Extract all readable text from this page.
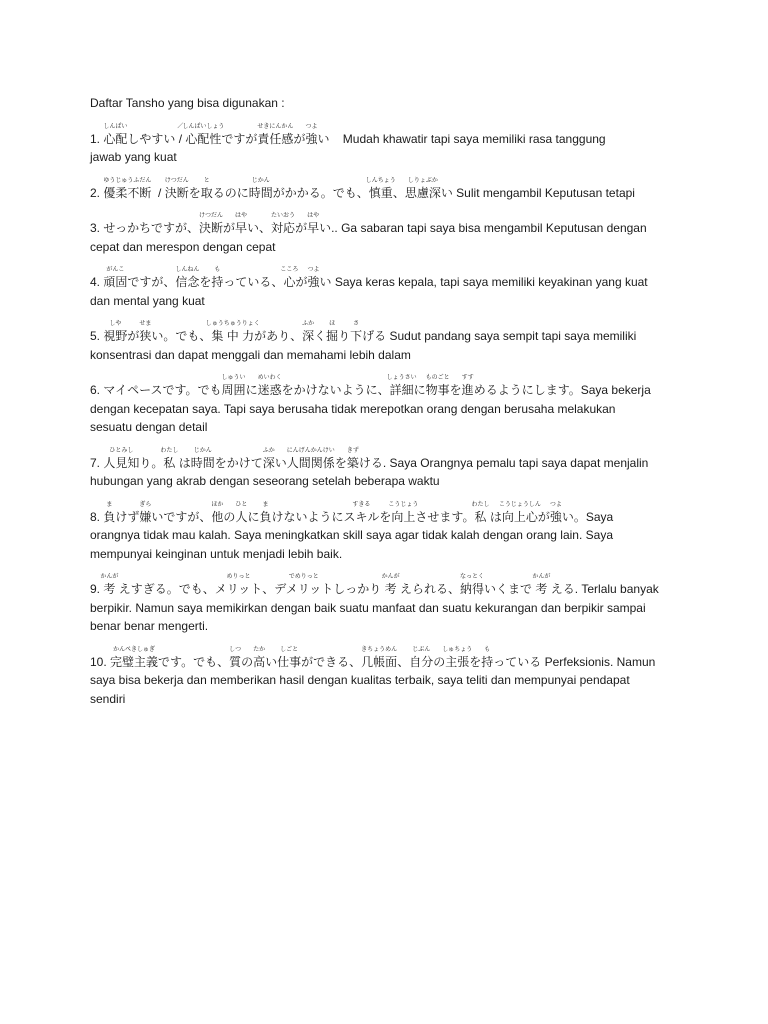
Daftar Tansho yang bisa digunakan :
1. 心配
しんぱい
しやすい /
／
心配性
しんぱいしょう
ですが責任感
せきにんかん
が強
つよ
い    Mudah khawatir tapi saya memiliki rasa tanggung
jawab yang kuat
2. 優柔不断
ゆうじゅうふだん
/ 決断
けつだん
を取
と
るのに時間
じかん
がかかる。でも、慎重
しんちょう
、思慮深
しりょぶか
い Sulit mengambil Keputusan tetapi
3. せっかちですが、決断
けつだん
が早
はや
い、対応
たいおう
が早
はや
い.. Ga sabaran tapi saya bisa mengambil Keputusan dengan
cepat dan merespon dengan cepat
4. 頑固
がんこ
ですが、信念
しんねん
を持
も
っている、心
こころ
が強
つよ
い Saya keras kepala, tapi saya memiliki keyakinan yang kuat
dan mental yang kuat
5. 視野
しや
が狭
せま
い。でも、集 中 力
しゅうちゅうりょく
があり、深
ふか
く掘
ほ
り下
さ
げる Sudut pandang saya sempit tapi saya memiliki
konsentrasi dan dapat menggali dan memahami lebih dalam
6. マイペースです。でも周囲
しゅうい
に迷惑
めいわく
をかけないように、詳細
しょうさい
に物事
ものごと
を進
すす
めるようにします。Saya bekerja
dengan kecepatan saya. Tapi saya berusaha tidak merepotkan orang dengan berusaha melakukan
sesuatu dengan detail
7. 人見知
ひとみし
り。私
わたし
は時間
じかん
をかけて深
ふか
い人間関係
にんげんかんけい
を築
きず
ける. Saya Orangnya pemalu tapi saya dapat menjalin
hubungan yang akrab dengan seseorang setelah beberapa waktu
8. 負
ま
けず嫌
ぎら
いですが、他
ほか
の人
ひと
に負
ま
けないようにスキル
すきる
を向上
こうじょう
させます。私
わたし
は向上心
こうじょうしん
が強
つよ
い。Saya
orangnya tidak mau kalah. Saya meningkatkan skill saya agar tidak kalah dengan orang lain. Saya
mempunyai keinginan untuk menjadi lebih baik.
9. 考
かんが
えすぎる。でも、メリット
めりっと
、デメリット
でめりっと
しっかり 考
かんが
えられる、納得
なっとく
いくまで 考
かんが
える. Terlalu banyak
berpikir. Namun saya memikirkan dengan baik suatu manfaat dan suatu kekurangan dan berpikir sampai
benar benar mengerti.
10. 完璧主義
かんぺきしゅぎ
です。でも、質
しつ
の高
たか
い仕事
しごと
ができる、几帳面
きちょうめん
、自分
じぶん
の主張
しゅちょう
を持
も
っている Perfeksionis. Namun
saya bisa bekerja dan memberikan hasil dengan kualitas terbaik, saya teliti dan mempunyai pendapat
sendiri
